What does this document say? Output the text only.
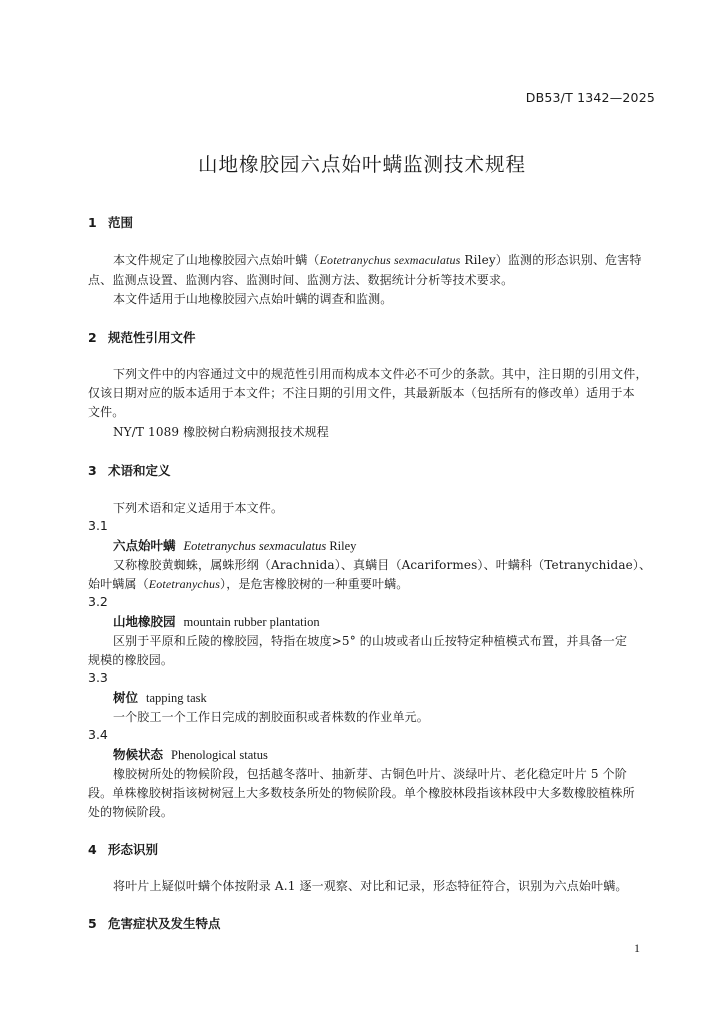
DB53/T 1342—2025
山地橡胶园六点始叶螨监测技术规程
1 范围
本文件规定了山地橡胶园六点始叶螨（Eotetranychus sexmaculatus Riley）监测的形态识别、危害特
点、监测点设置、监测内容、监测时间、监测方法、数据统计分析等技术要求。
本文件适用于山地橡胶园六点始叶螨的调查和监测。
2 规范性引用文件
下列文件中的内容通过文中的规范性引用而构成本文件必不可少的条款。其中，注日期的引用文件，
仅该日期对应的版本适用于本文件；不注日期的引用文件，其最新版本（包括所有的修改单）适用于本
文件。
NY/T 1089 橡胶树白粉病测报技术规程
3 术语和定义
下列术语和定义适用于本文件。
3.1
六点始叶螨 Eotetranychus sexmaculatus Riley
又称橡胶黄蜘蛛，属蛛形纲（Arachnida）、真螨目（Acariformes）、叶螨科（Tetranychidae）、
始叶螨属（Eotetranychus），是危害橡胶树的一种重要叶螨。
3.2
山地橡胶园 mountain rubber plantation
区别于平原和丘陵的橡胶园，特指在坡度>5° 的山坡或者山丘按特定种植模式布置，并具备一定
规模的橡胶园。
3.3
树位 tapping task
一个胶工一个工作日完成的割胶面积或者株数的作业单元。
3.4
物候状态 Phenological status
橡胶树所处的物候阶段，包括越冬落叶、抽新芽、古铜色叶片、淡绿叶片、老化稳定叶片 5 个阶
段。单株橡胶树指该树树冠上大多数枝条所处的物候阶段。单个橡胶林段指该林段中大多数橡胶植株所
处的物候阶段。
4 形态识别
将叶片上疑似叶螨个体按附录 A.1 逐一观察、对比和记录，形态特征符合，识别为六点始叶螨。
5 危害症状及发生特点
1
